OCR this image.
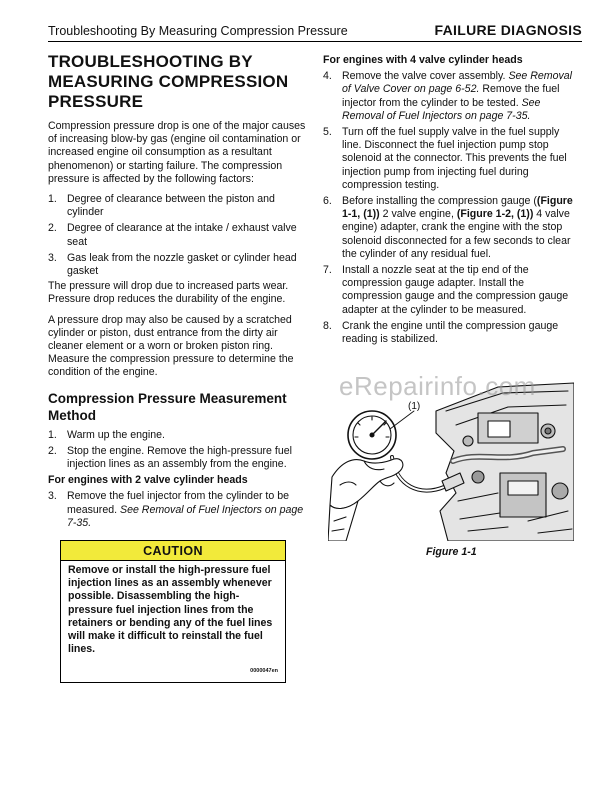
Troubleshooting By Measuring Compression Pressure	FAILURE DIAGNOSIS
TROUBLESHOOTING BY MEASURING COMPRESSION PRESSURE

Compression pressure drop is one of the major causes of increasing blow-by gas (engine oil contamination or increased engine oil consumption as a resultant phenomenon) or starting failure. The compression pressure is affected by the following factors:

1. Degree of clearance between the piston and cylinder
2. Degree of clearance at the intake / exhaust valve seat
3. Gas leak from the nozzle gasket or cylinder head gasket

The pressure will drop due to increased parts wear. Pressure drop reduces the durability of the engine.

A pressure drop may also be caused by a scratched cylinder or piston, dust entrance from the dirty air cleaner element or a worn or broken piston ring. Measure the compression pressure to determine the condition of the engine.

Compression Pressure Measurement Method
1. Warm up the engine.
2. Stop the engine. Remove the high-pressure fuel injection lines as an assembly from the engine.
For engines with 2 valve cylinder heads
3. Remove the fuel injector from the cylinder to be measured. See Removal of Fuel Injectors on page 7-35.
CAUTION
Remove or install the high-pressure fuel injection lines as an assembly whenever possible. Disassembling the high-pressure fuel injection lines from the retainers or bending any of the fuel lines will make it difficult to reinstall the fuel lines.
0000047en
For engines with 4 valve cylinder heads
4. Remove the valve cover assembly. See Removal of Valve Cover on page 6-52. Remove the fuel injector from the cylinder to be tested. See Removal of Fuel Injectors on page 7-35.
5. Turn off the fuel supply valve in the fuel supply line. Disconnect the fuel injection pump stop solenoid at the connector. This prevents the fuel injection pump from injecting fuel during compression testing.
6. Before installing the compression gauge ((Figure 1-1, (1)) 2 valve engine, (Figure 1-2, (1)) 4 valve engine) adapter, crank the engine with the stop solenoid disconnected for a few seconds to clear the cylinder of any residual fuel.
7. Install a nozzle seat at the tip end of the compression gauge adapter. Install the compression gauge and the compression gauge adapter at the cylinder to be measured.
8. Crank the engine until the compression gauge reading is stabilized.
(1)
eRepairinfo.com
Figure 1-1
